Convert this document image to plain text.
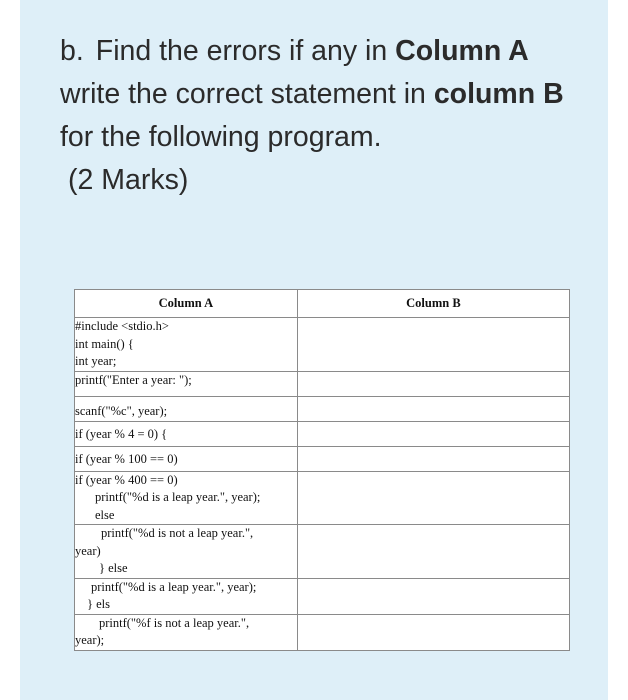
b. Find the errors if any in Column A write the correct statement in column B for the following program.
(2 Marks)

Column A	Column B

#include <stdio.h>
int main() {
int year;	

printf("Enter a year: ");	

scanf("%c", year);	

if (year % 4 = 0) {	

if (year % 100 == 0)	

if (year % 400 == 0)
printf("%d is a leap year.", year);
else	

printf("%d is not a leap year.",
year)
} else	

printf("%d is a leap year.", year);
} els	

printf("%f is not a leap year.",
year);	
